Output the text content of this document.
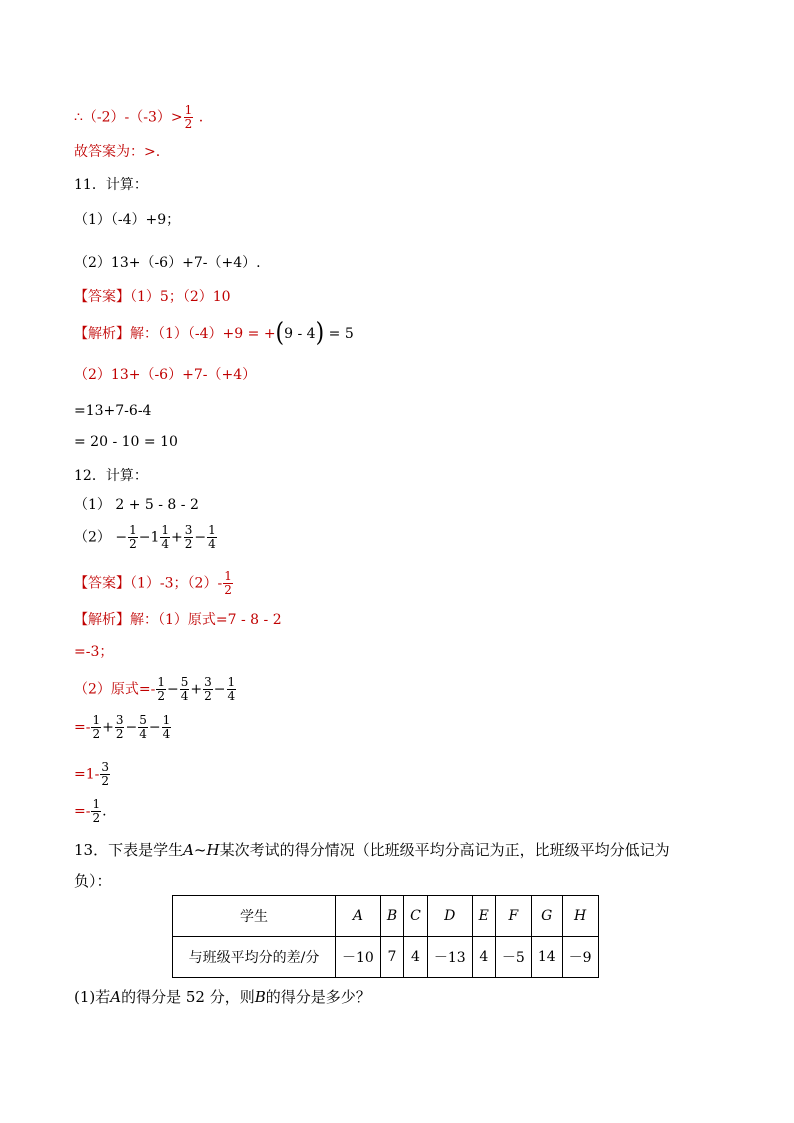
∴（-2）-（-3）> $\frac{1}{2}$ .
故答案为：>.
11．计算：
（1）（-4）+9；
（2）13+（-6）+7-（+4）.
【答案】（1）5；（2）10
【解析】解：（1）（-4）+9 = +(9 - 4) = 5
（2）13+（-6）+7-（+4）
=13+7-6-4
= 20 - 10 = 10
12．计算：
（1） 2 + 5 - 8 - 2
$(2) - \frac{1}{2} -1 \frac{1}{4} + \frac{3}{2} - \frac{1}{4}$
【答案】（1）-3；$(2)- \frac{1}{2}$
【解析】解：（1）原式=7 - 8 - 2
=-3；
（2）原式=- $\frac{1}{2} - \frac{5}{4} + \frac{3}{2} - \frac{1}{4}$
=- $\frac{1}{2} + \frac{3}{2} - \frac{5}{4} - \frac{1}{4}$
$=1- \frac{3}{2}$
=- $\frac{1}{2}$ .
13．下表是学生A~H某次考试的得分情况（比班级平均分高记为正，比班级平均分低记为
负）：
学生	A	B	C	D	E	F	G	H
与班级平均分的差/分	－10	7	4	－13	4	－5	14	－9
(1)若A的得分是 52 分，则B的得分是多少？
